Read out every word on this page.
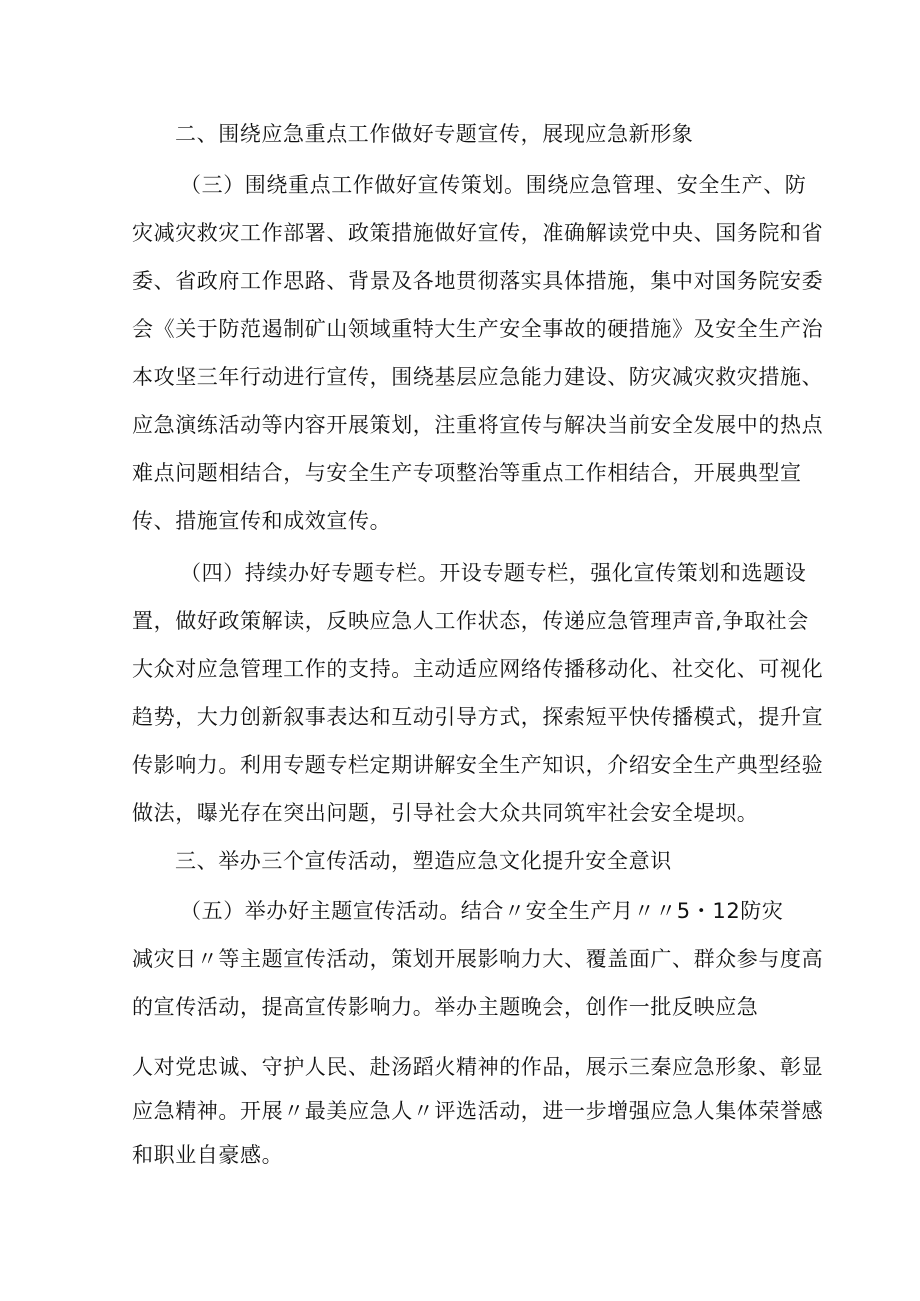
二、围绕应急重点工作做好专题宣传，展现应急新形象
（三）围绕重点工作做好宣传策划。围绕应急管理、安全生产、防
灾减灾救灾工作部署、政策措施做好宣传，准确解读党中央、国务院和省
委、省政府工作思路、背景及各地贯彻落实具体措施，集中对国务院安委
会《关于防范遏制矿山领域重特大生产安全事故的硬措施》及安全生产治
本攻坚三年行动进行宣传，围绕基层应急能力建设、防灾减灾救灾措施、
应急演练活动等内容开展策划，注重将宣传与解决当前安全发展中的热点
难点问题相结合，与安全生产专项整治等重点工作相结合，开展典型宣
传、措施宣传和成效宣传。
（四）持续办好专题专栏。开设专题专栏，强化宣传策划和选题设
置，做好政策解读，反映应急人工作状态，传递应急管理声音,争取社会
大众对应急管理工作的支持。主动适应网络传播移动化、社交化、可视化
趋势，大力创新叙事表达和互动引导方式，探索短平快传播模式，提升宣
传影响力。利用专题专栏定期讲解安全生产知识，介绍安全生产典型经验
做法，曝光存在突出问题，引导社会大众共同筑牢社会安全堤坝。
三、举办三个宣传活动，塑造应急文化提升安全意识
（五）举办好主题宣传活动。结合〃安全生产月〃〃5・12防灾
减灾日〃等主题宣传活动，策划开展影响力大、覆盖面广、群众参与度高
的宣传活动，提高宣传影响力。举办主题晚会，创作一批反映应急
人对党忠诚、守护人民、赴汤蹈火精神的作品，展示三秦应急形象、彰显
应急精神。开展〃最美应急人〃评选活动，进一步增强应急人集体荣誉感
和职业自豪感。
